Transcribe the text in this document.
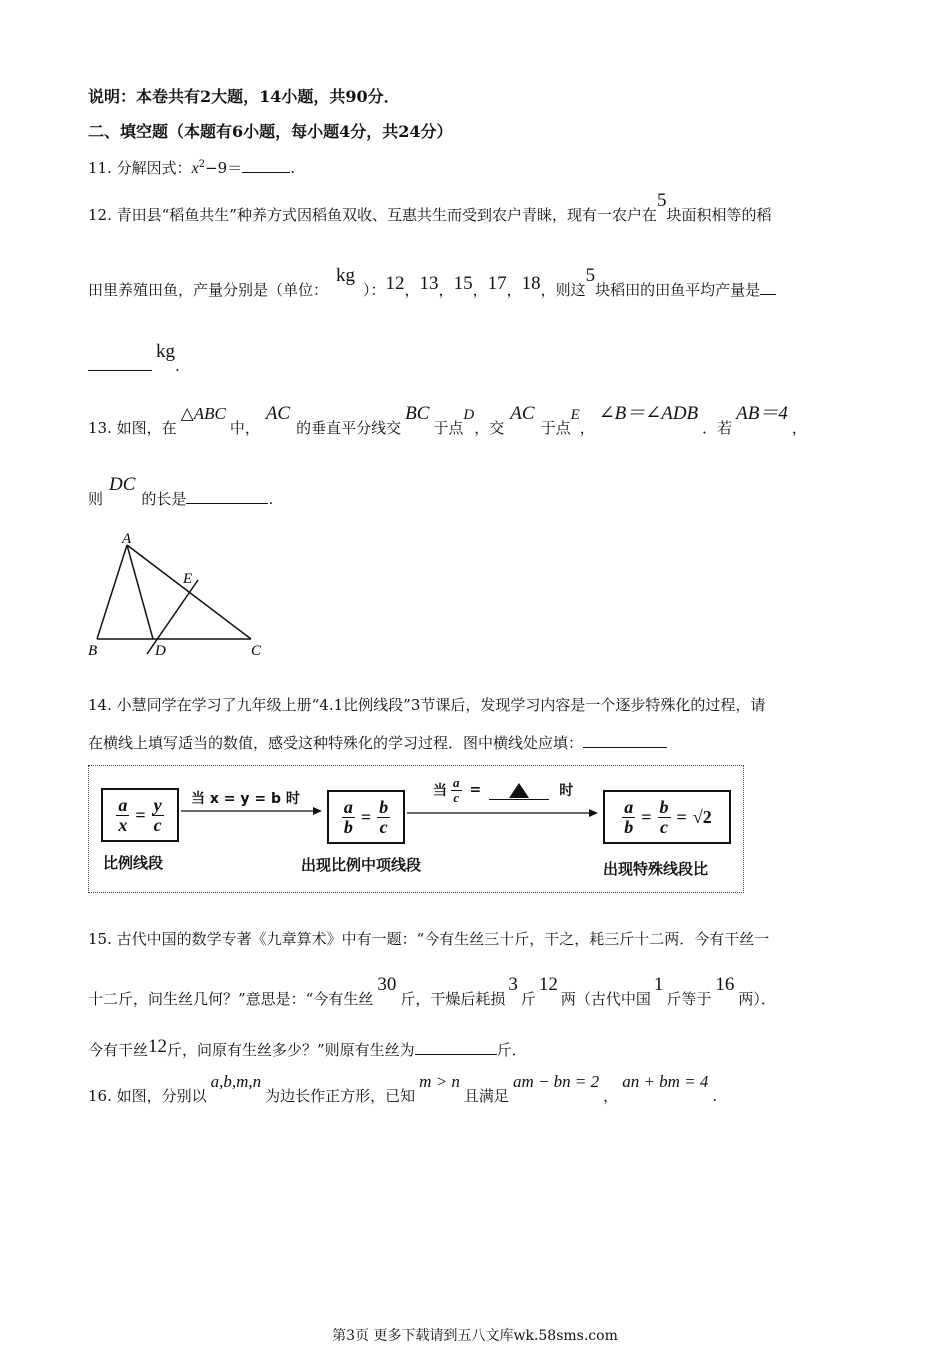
说明：本卷共有2大题，14小题，共90分．
二、填空题（本题有6小题，每小题4分，共24分）
11. 分解因式：$x^2-9=$	.
12. 青田县“稻鱼共生”种养方式因稻鱼双收、互惠共生而受到农户青睐，现有一农户在5块面积相等的稻
田里养殖田鱼，产量分别是（单位：kg）：12，13，15，17，18，则这5块稻田的田鱼平均产量是
kg.
13. 如图，在△ABC中，AC的垂直平分线交BC于点D，交AC于点E，∠B＝∠ADB．若AB＝4，
则DC的长是	.
A
B	C
D
E
14. 小慧同学在学习了九年级上册“4.1比例线段”3节课后，发现学习内容是一个逐步特殊化的过程，请
在横线上填写适当的数值，感受这种特殊化的学习过程．图中横线处应填：
$\frac{a}{x} = \frac{y}{c}$ 当 x = y = b 时 $\frac{a}{b} = \frac{b}{c}$
当 $\frac{a}{c}$ =	时
$\frac{a}{b} = \frac{b}{c} = √2$
比例线段	出现比例中项线段	出现特殊线段比
15. 古代中国的数学专著《九章算术》中有一题：“今有生丝三十斤，干之，耗三斤十二两．今有干丝一
十二斤，问生丝几何？”意思是：“今有生丝30斤，干燥后耗损3斤12两（古代中国1斤等于16两）．
今有干丝12斤，问原有生丝多少？”则原有生丝为	斤．
16. 如图，分别以a,b,m,n为边长作正方形，已知m > n且满足am − bn = 2，an + bm = 4.
第3页 更多下载请到五八文库wk.58sms.com
